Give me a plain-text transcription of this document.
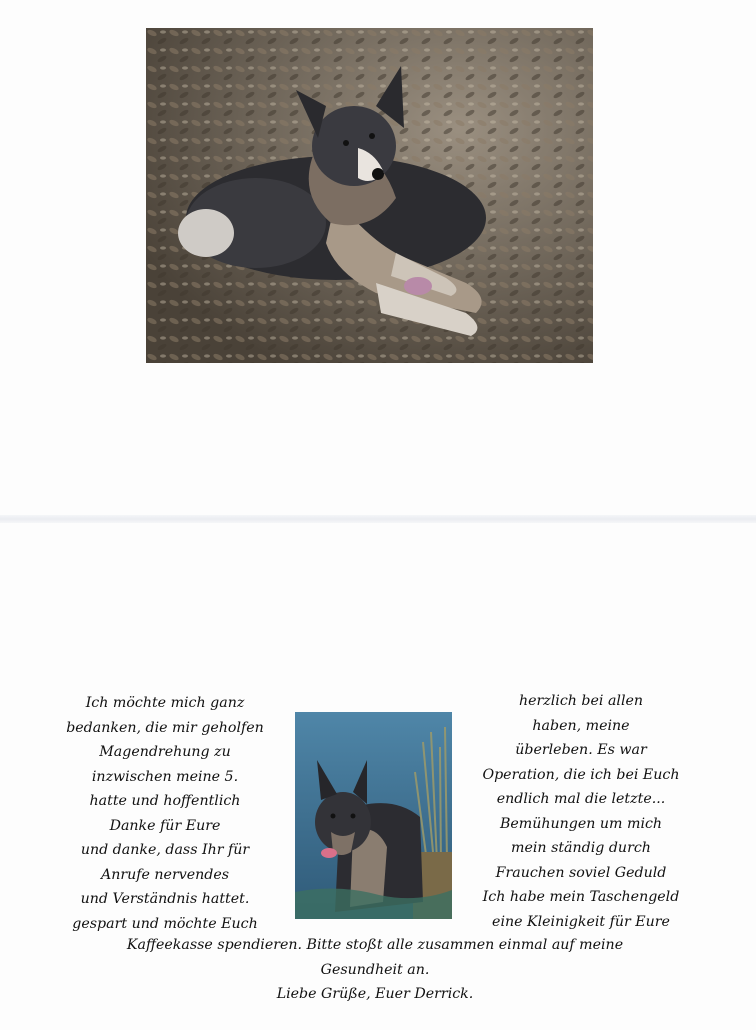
Ich möchte mich ganz
bedanken, die mir geholfen
Magendrehung zu
inzwischen meine 5.
hatte und hoffentlich
Danke für Eure
und danke, dass Ihr für
Anrufe nervendes
und Verständnis hattet.
gespart und möchte Euch
herzlich bei allen
haben, meine
überleben. Es war
Operation, die ich bei Euch
endlich mal die letzte...
Bemühungen um mich
mein ständig durch
Frauchen soviel Geduld
Ich habe mein Taschengeld
eine Kleinigkeit für Eure
Kaffeekasse spendieren. Bitte stoßt alle zusammen einmal auf meine
Gesundheit an.
Liebe Grüße, Euer Derrick.
